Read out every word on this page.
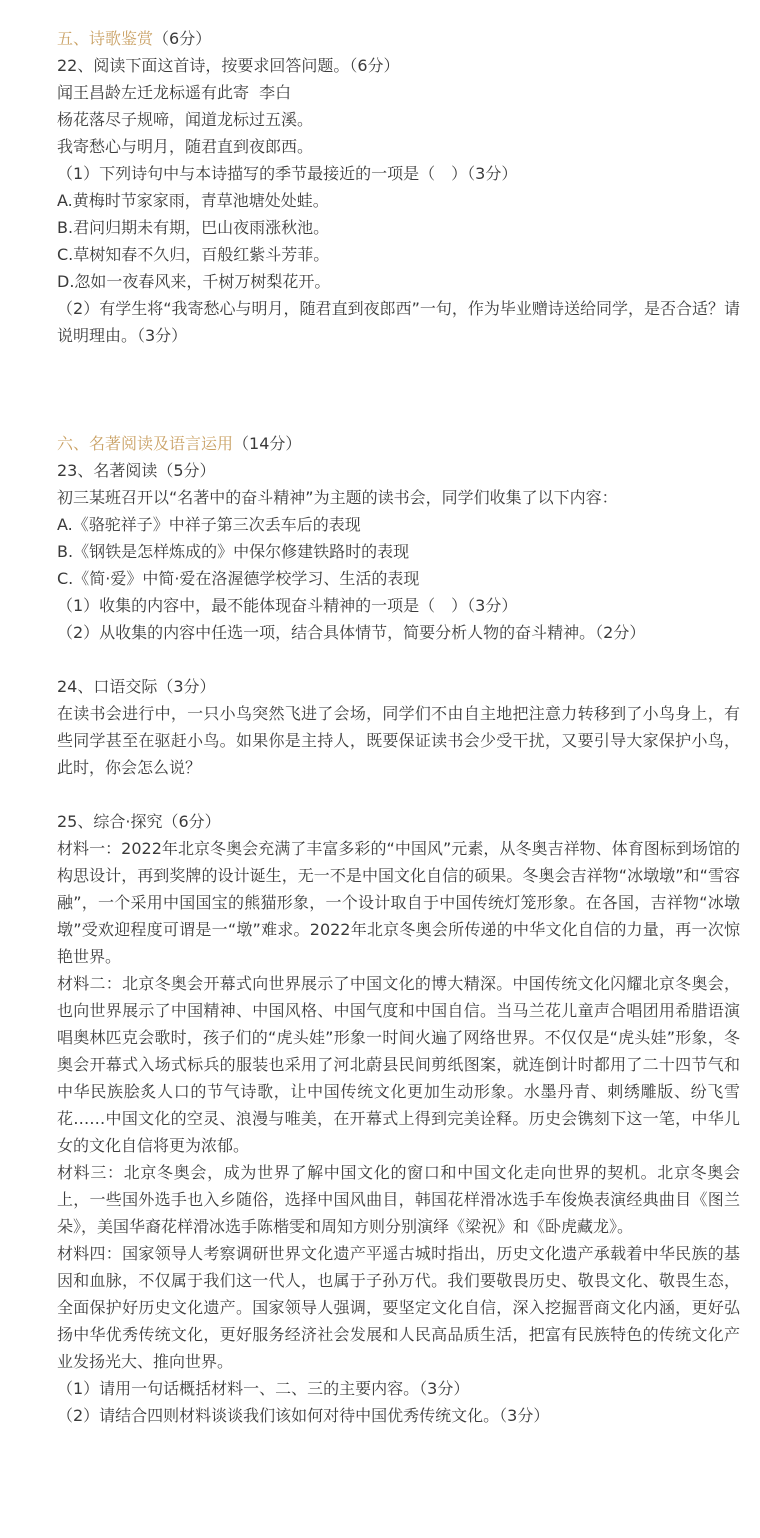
五、诗歌鉴赏（6分）

22、阅读下面这首诗，按要求回答问题。（6分）

闻王昌龄左迁龙标遥有此寄  李白

杨花落尽子规啼，闻道龙标过五溪。

我寄愁心与明月，随君直到夜郎西。

（1）下列诗句中与本诗描写的季节最接近的一项是（　）（3分）

A.黄梅时节家家雨，青草池塘处处蛙。

B.君问归期未有期，巴山夜雨涨秋池。

C.草树知春不久归，百般红紫斗芳菲。

D.忽如一夜春风来，千树万树梨花开。

（2）有学生将“我寄愁心与明月，随君直到夜郎西”一句，作为毕业赠诗送给同学，是否合适？请说明理由。（3分）

六、名著阅读及语言运用（14分）

23、名著阅读（5分）

初三某班召开以“名著中的奋斗精神”为主题的读书会，同学们收集了以下内容：

A.《骆驼祥子》中祥子第三次丢车后的表现

B.《钢铁是怎样炼成的》中保尔修建铁路时的表现

C.《简·爱》中简·爱在洛渥德学校学习、生活的表现

（1）收集的内容中，最不能体现奋斗精神的一项是（　）（3分）

（2）从收集的内容中任选一项，结合具体情节，简要分析人物的奋斗精神。（2分）

24、口语交际（3分）

在读书会进行中，一只小鸟突然飞进了会场，同学们不由自主地把注意力转移到了小鸟身上，有些同学甚至在驱赶小鸟。如果你是主持人，既要保证读书会少受干扰，又要引导大家保护小鸟，此时，你会怎么说？

25、综合·探究（6分）

材料一：2022年北京冬奥会充满了丰富多彩的“中国风”元素，从冬奥吉祥物、体育图标到场馆的构思设计，再到奖牌的设计诞生，无一不是中国文化自信的硕果。冬奥会吉祥物“冰墩墩”和“雪容融”，一个采用中国国宝的熊猫形象，一个设计取自于中国传统灯笼形象。在各国，吉祥物“冰墩墩”受欢迎程度可谓是一“墩”难求。2022年北京冬奥会所传递的中华文化自信的力量，再一次惊艳世界。

材料二：北京冬奥会开幕式向世界展示了中国文化的博大精深。中国传统文化闪耀北京冬奥会，也向世界展示了中国精神、中国风格、中国气度和中国自信。当马兰花儿童声合唱团用希腊语演唱奥林匹克会歌时，孩子们的“虎头娃”形象一时间火遍了网络世界。不仅仅是“虎头娃”形象，冬奥会开幕式入场式标兵的服装也采用了河北蔚县民间剪纸图案，就连倒计时都用了二十四节气和中华民族脍炙人口的节气诗歌，让中国传统文化更加生动形象。水墨丹青、刺绣雕版、纷飞雪花……中国文化的空灵、浪漫与唯美，在开幕式上得到完美诠释。历史会镌刻下这一笔，中华儿女的文化自信将更为浓郁。

材料三：北京冬奥会，成为世界了解中国文化的窗口和中国文化走向世界的契机。北京冬奥会上，一些国外选手也入乡随俗，选择中国风曲目，韩国花样滑冰选手车俊焕表演经典曲目《图兰朵》，美国华裔花样滑冰选手陈楷雯和周知方则分别演绎《梁祝》和《卧虎藏龙》。

材料四：国家领导人考察调研世界文化遗产平遥古城时指出，历史文化遗产承载着中华民族的基因和血脉，不仅属于我们这一代人，也属于子孙万代。我们要敬畏历史、敬畏文化、敬畏生态，全面保护好历史文化遗产。国家领导人强调，要坚定文化自信，深入挖掘晋商文化内涵，更好弘扬中华优秀传统文化，更好服务经济社会发展和人民高品质生活，把富有民族特色的传统文化产业发扬光大、推向世界。

（1）请用一句话概括材料一、二、三的主要内容。（3分）

（2）请结合四则材料谈谈我们该如何对待中国优秀传统文化。（3分）
